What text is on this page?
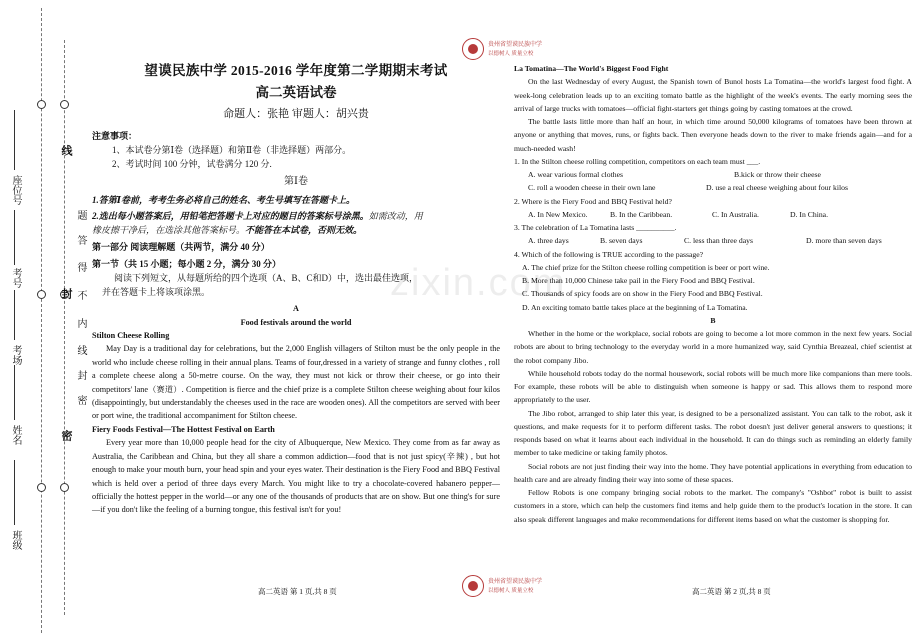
zixin.com
题
答
得
不
内
线
封
密
线
封
密
座位号
考号
考场
姓名
班级
贵州省望谟民族中学
以德树人 质量立校
贵州省望谟民族中学
以德树人 质量立校
望谟民族中学 2015-2016 学年度第二学期期末考试
高二英语试卷
命题人：张艳 审题人：胡兴贵
注意事项：
1、本试卷分第Ⅰ卷（选择题）和第Ⅱ卷（非选择题）两部分。
2、考试时间 100 分钟，试卷满分 120 分.
第Ⅰ卷
1.答第Ⅰ卷前，考考生务必将自己的姓名、考生号填写在答题卡上。
2.选出每小题答案后，用铅笔把答题卡上对应的题目的答案标号涂黑。如需改动，用
橡皮擦干净后，在选涂其他答案标号。不能答在本试卷，否则无效。
第一部分 阅读理解题（共两节，满分 40 分）
第一节（共 15 小题；每小题 2 分，满分 30 分）
阅读下列短文，从每题所给的四个选项（A、B、C和D）中，选出最佳选项，
并在答题卡上将该项涂黑。
A
Food festivals around the world
Stilton Cheese Rolling

May Day is a traditional day for celebrations, but the 2,000 English villagers of Stilton must be the only people in the world who include cheese rolling in their annual plans. Teams of four,dressed in a variety of strange and funny clothes , roll a complete cheese along a 50-metre course. On the way, they must not kick or throw their cheese, or go into their competitors' lane（赛道）. Competition is fierce and the chief prize is a complete Stilton cheese weighing about four kilos (disappointingly, but understandably the cheeses used in the race are wooden ones). All the competitors are served with beer or port wine, the traditional accompaniment for Stilton cheese.

Fiery Foods Festival—The Hottest Festival on Earth

Every year more than 10,000 people head for the city of Albuquerque, New Mexico. They come from as far away as Australia, the Caribbean and China, but they all share a common addiction—food that is not just spicy(辛辣) , but hot enough to make your mouth burn, your head spin and your eyes water. Their destination is the Fiery Food and BBQ Festival which is held over a period of three days every March. You might like to try a chocolate-covered habanero pepper—officially the hottest pepper in the world—or any one of the thousands of products that are on show. But one thing's for sure—if you don't like the feeling of a burning tongue, this festival isn't for you!

高二英语 第 1 页,共 8 页
La Tomatina—The World's Biggest Food Fight

On the last Wednesday of every August, the Spanish town of Bunol hosts La Tomatina—the world's largest food fight. A week-long celebration leads up to an exciting tomato battle as the highlight of the week's events. The early morning sees the arrival of large trucks with tomatoes—official fight-starters get things going by casting tomatoes at the crowd.

The battle lasts little more than half an hour, in which time around 50,000 kilograms of tomatoes have been thrown at anyone or anything that moves, runs, or fights back. Then everyone heads down to the river to make friends again—and for a much-needed wash!

1. In the Stilton cheese rolling competition, competitors on each team must ___.
A. wear various formal clothes	B.kick or throw their cheese
C. roll a wooden cheese in their own lane	D. use a real cheese weighing about four kilos
2. Where is the Fiery Food and BBQ Festival held?
A. In New Mexico.	B. In the Caribbean.	C. In Australia.	D. In China.
3. The celebration of La Tomatina lasts __________.
A. three days	B. seven days	C. less than three days	D. more than seven days
4. Which of the following is TRUE according to the passage?
A. The chief prize for the Stilton cheese rolling competition is beer or port wine.
B. More than 10,000 Chinese take pail in the Fiery Food and BBQ Festival.
C. Thousands of spicy foods are on show in the Fiery Food and BBQ Festival.
D. An exciting tomato battle takes place at the beginning of La Tomatina.
B

Whether in the home or the workplace, social robots are going to become a lot more common in the next few years. Social robots are about to bring technology to the everyday world in a more humanized way, said Cynthia Breazeal, chief scientist at the robot company Jibo.

While household robots today do the normal housework, social robots will be much more like companions than mere tools. For example, these robots will be able to distinguish when someone is happy or sad. This allows them to respond more appropriately to the user.

The Jibo robot, arranged to ship later this year, is designed to be a personalized assistant. You can talk to the robot, ask it questions, and make requests for it to perform different tasks. The robot doesn't just deliver general answers to questions; it responds based on what it learns about each individual in the household. It can do things such as reminding an elderly family member to take medicine or taking family photos.

Social robots are not just finding their way into the home. They have potential applications in everything from education to health care and are already finding their way into some of these spaces.

Fellow Robots is one company bringing social robots to the market. The company's "Oshbot" robot is built to assist customers in a store, which can help the customers find items and help guide them to the product's location in the store. It can also speak different languages and make recommendations for different items based on what the customer is shopping for.

高二英语 第 2 页,共 8 页
